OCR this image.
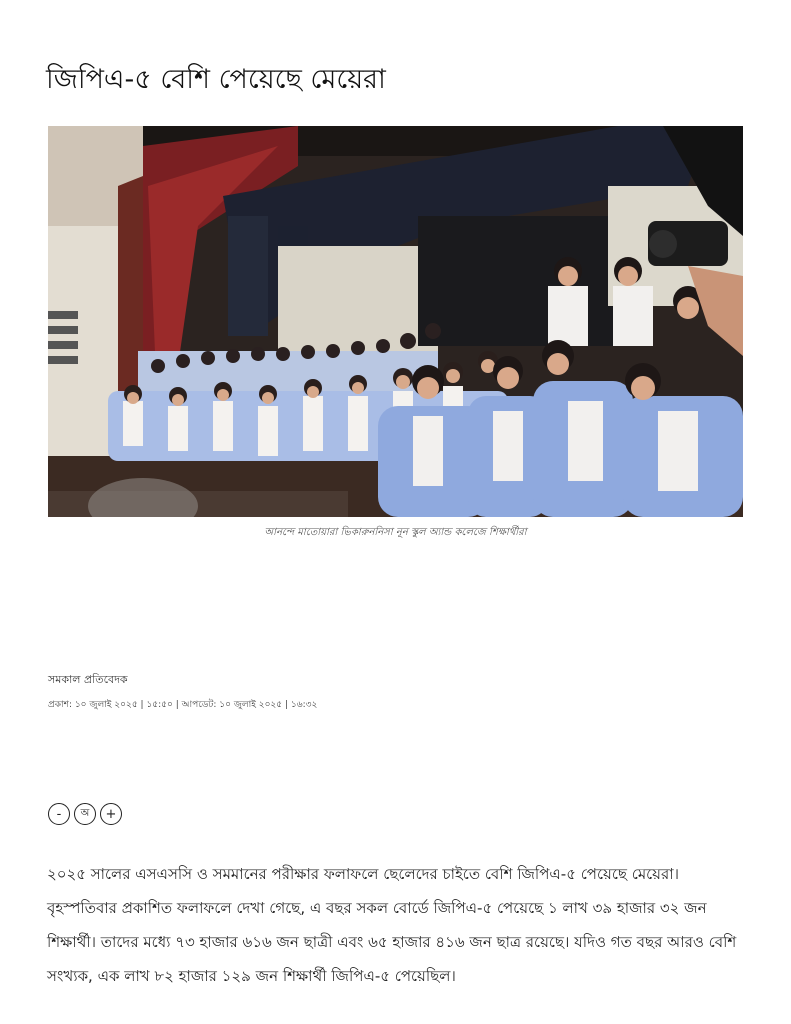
জিপিএ-৫ বেশি পেয়েছে মেয়েরা
আনন্দে মাতোয়ারা ভিকারুননিসা নূন স্কুল অ্যান্ড কলেজে শিক্ষার্থীরা
সমকাল প্রতিবেদক
প্রকাশ: ১০ জুলাই ২০২৫ | ১৫:৫০ | আপডেট: ১০ জুলাই ২০২৫ | ১৬:৩২
-	অ	+

২০২৫ সালের এসএসসি ও সমমানের পরীক্ষার ফলাফলে ছেলেদের চাইতে বেশি জিপিএ-৫ পেয়েছে মেয়েরা। বৃহস্পতিবার প্রকাশিত ফলাফলে দেখা গেছে, এ বছর সকল বোর্ডে জিপিএ-৫ পেয়েছে ১ লাখ ৩৯ হাজার ৩২ জন শিক্ষার্থী। তাদের মধ্যে ৭৩ হাজার ৬১৬ জন ছাত্রী এবং ৬৫ হাজার ৪১৬ জন ছাত্র রয়েছে। যদিও গত বছর আরও বেশি সংখ্যক, এক লাখ ৮২ হাজার ১২৯ জন শিক্ষার্থী জিপিএ-৫ পেয়েছিল।
